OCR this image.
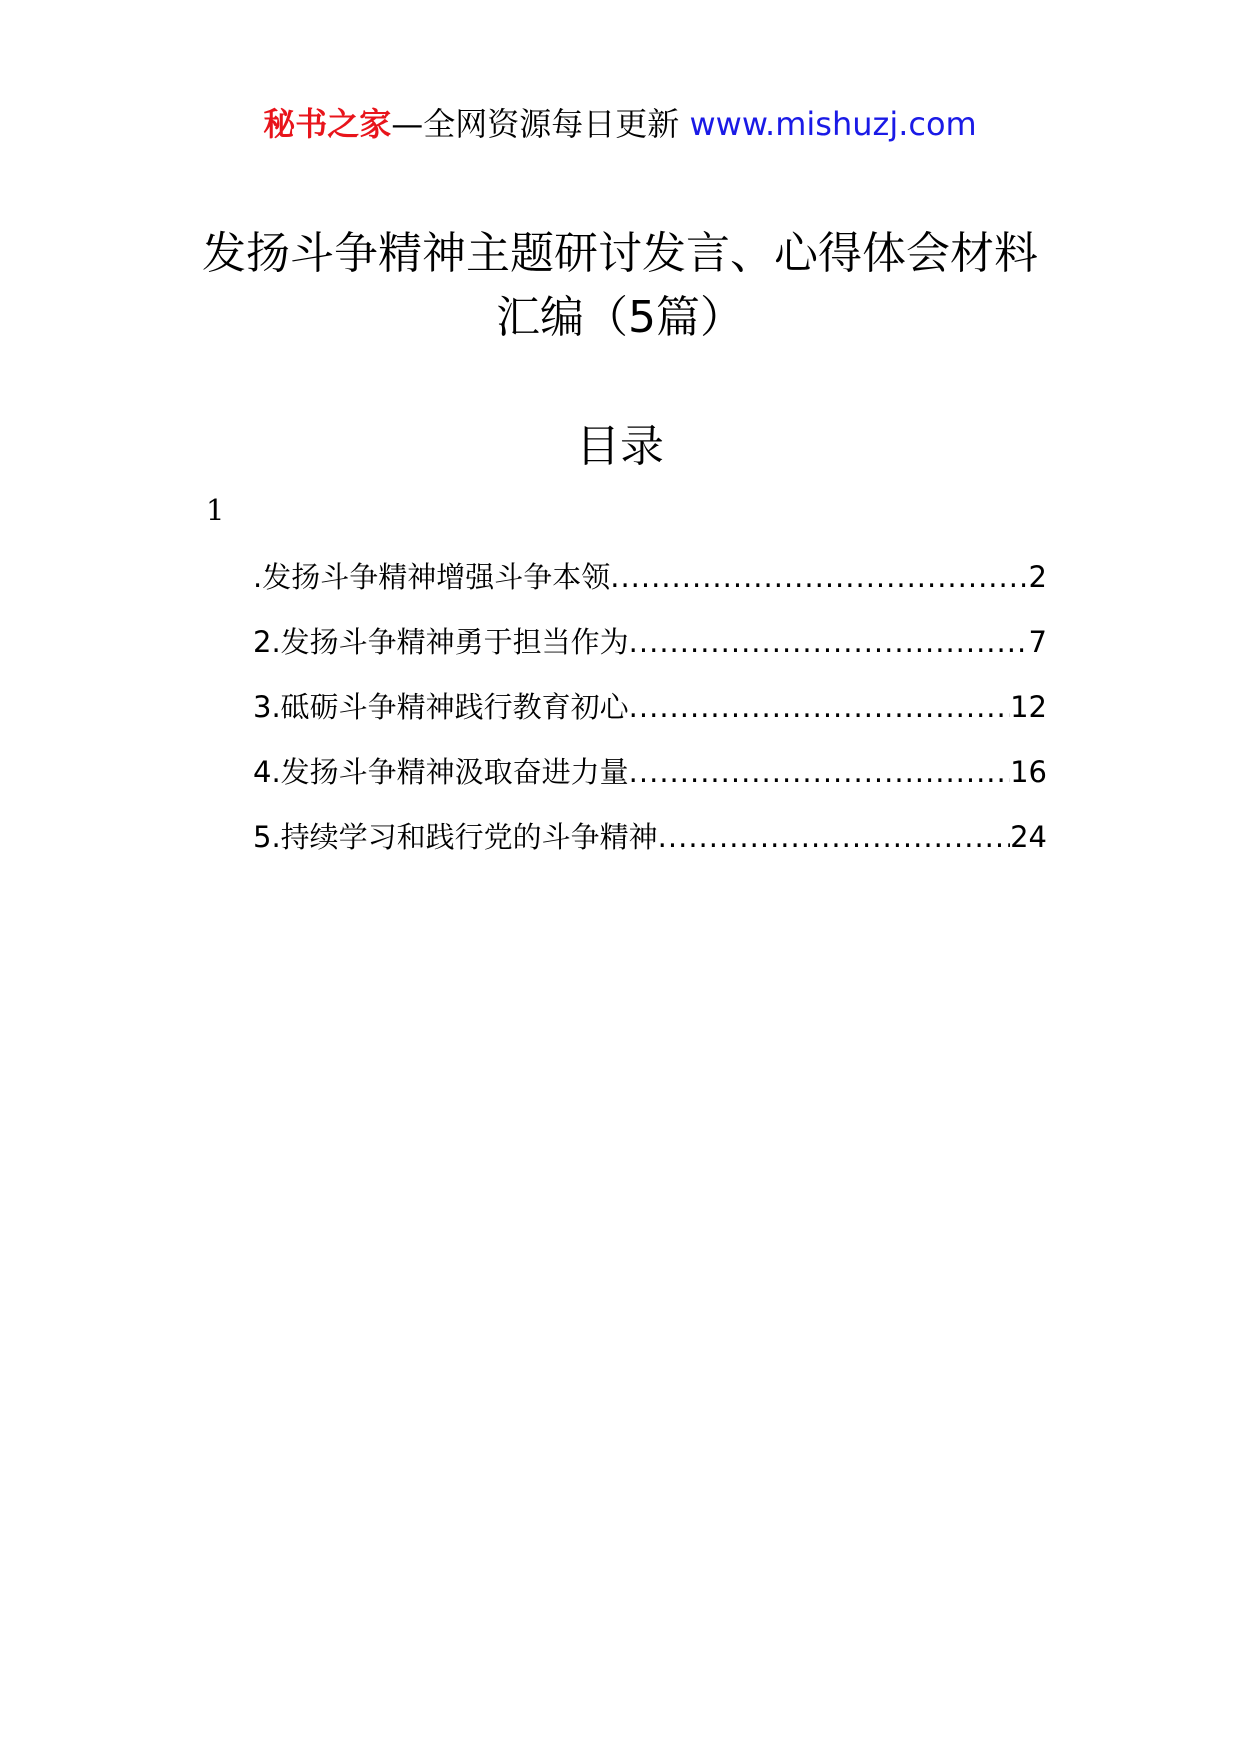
秘书之家—全网资源每日更新 www.mishuzj.com
发扬斗争精神主题研讨发言、心得体会材料汇编（5篇）
目录
1
.发扬斗争精神增强斗争本领 .....	2
2.发扬斗争精神勇于担当作为 .....	7
3.砥砺斗争精神践行教育初心 .....	12
4.发扬斗争精神汲取奋进力量 .....	16
5.持续学习和践行党的斗争精神 .....	24
